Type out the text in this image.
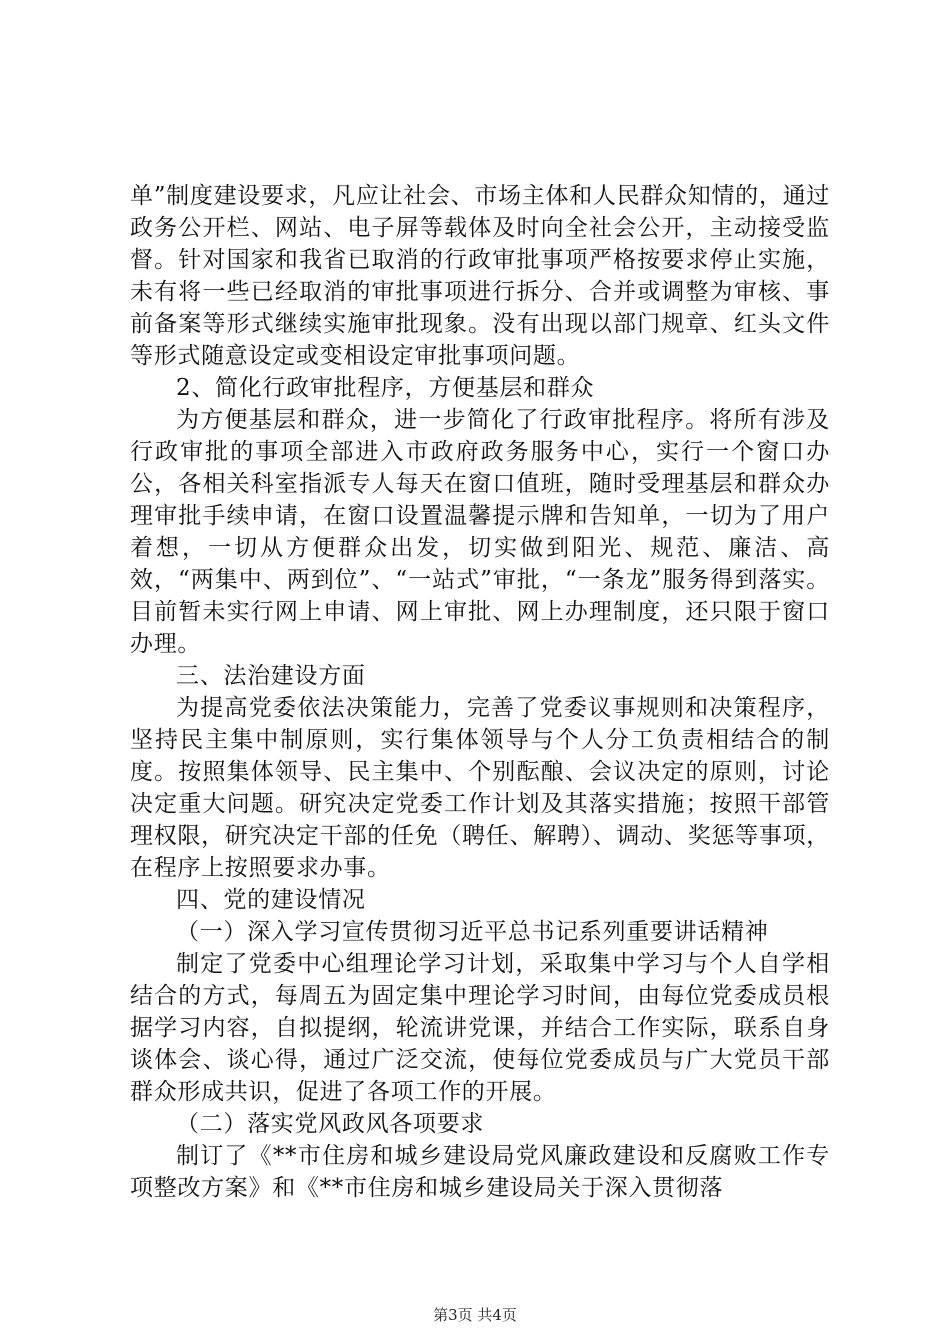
单”制度建设要求，凡应让社会、市场主体和人民群众知情的，通过政务公开栏、网站、电子屏等载体及时向全社会公开，主动接受监督。针对国家和我省已取消的行政审批事项严格按要求停止实施，未有将一些已经取消的审批事项进行拆分、合并或调整为审核、事前备案等形式继续实施审批现象。没有出现以部门规章、红头文件等形式随意设定或变相设定审批事项问题。

2、简化行政审批程序，方便基层和群众

为方便基层和群众，进一步简化了行政审批程序。将所有涉及行政审批的事项全部进入市政府政务服务中心，实行一个窗口办公，各相关科室指派专人每天在窗口值班，随时受理基层和群众办理审批手续申请，在窗口设置温馨提示牌和告知单，一切为了用户着想，一切从方便群众出发，切实做到阳光、规范、廉洁、高效，“两集中、两到位”、“一站式”审批，“一条龙”服务得到落实。目前暂未实行网上申请、网上审批、网上办理制度，还只限于窗口办理。

三、法治建设方面

为提高党委依法决策能力，完善了党委议事规则和决策程序，坚持民主集中制原则，实行集体领导与个人分工负责相结合的制度。按照集体领导、民主集中、个别酝酿、会议决定的原则，讨论决定重大问题。研究决定党委工作计划及其落实措施；按照干部管理权限，研究决定干部的任免（聘任、解聘）、调动、奖惩等事项，在程序上按照要求办事。

四、党的建设情况

（一）深入学习宣传贯彻习近平总书记系列重要讲话精神

制定了党委中心组理论学习计划，采取集中学习与个人自学相结合的方式，每周五为固定集中理论学习时间，由每位党委成员根据学习内容，自拟提纲，轮流讲党课，并结合工作实际，联系自身谈体会、谈心得，通过广泛交流，使每位党委成员与广大党员干部群众形成共识，促进了各项工作的开展。

（二）落实党风政风各项要求

制订了《**市住房和城乡建设局党风廉政建设和反腐败工作专项整改方案》和《**市住房和城乡建设局关于深入贯彻落

第3页 共4页
